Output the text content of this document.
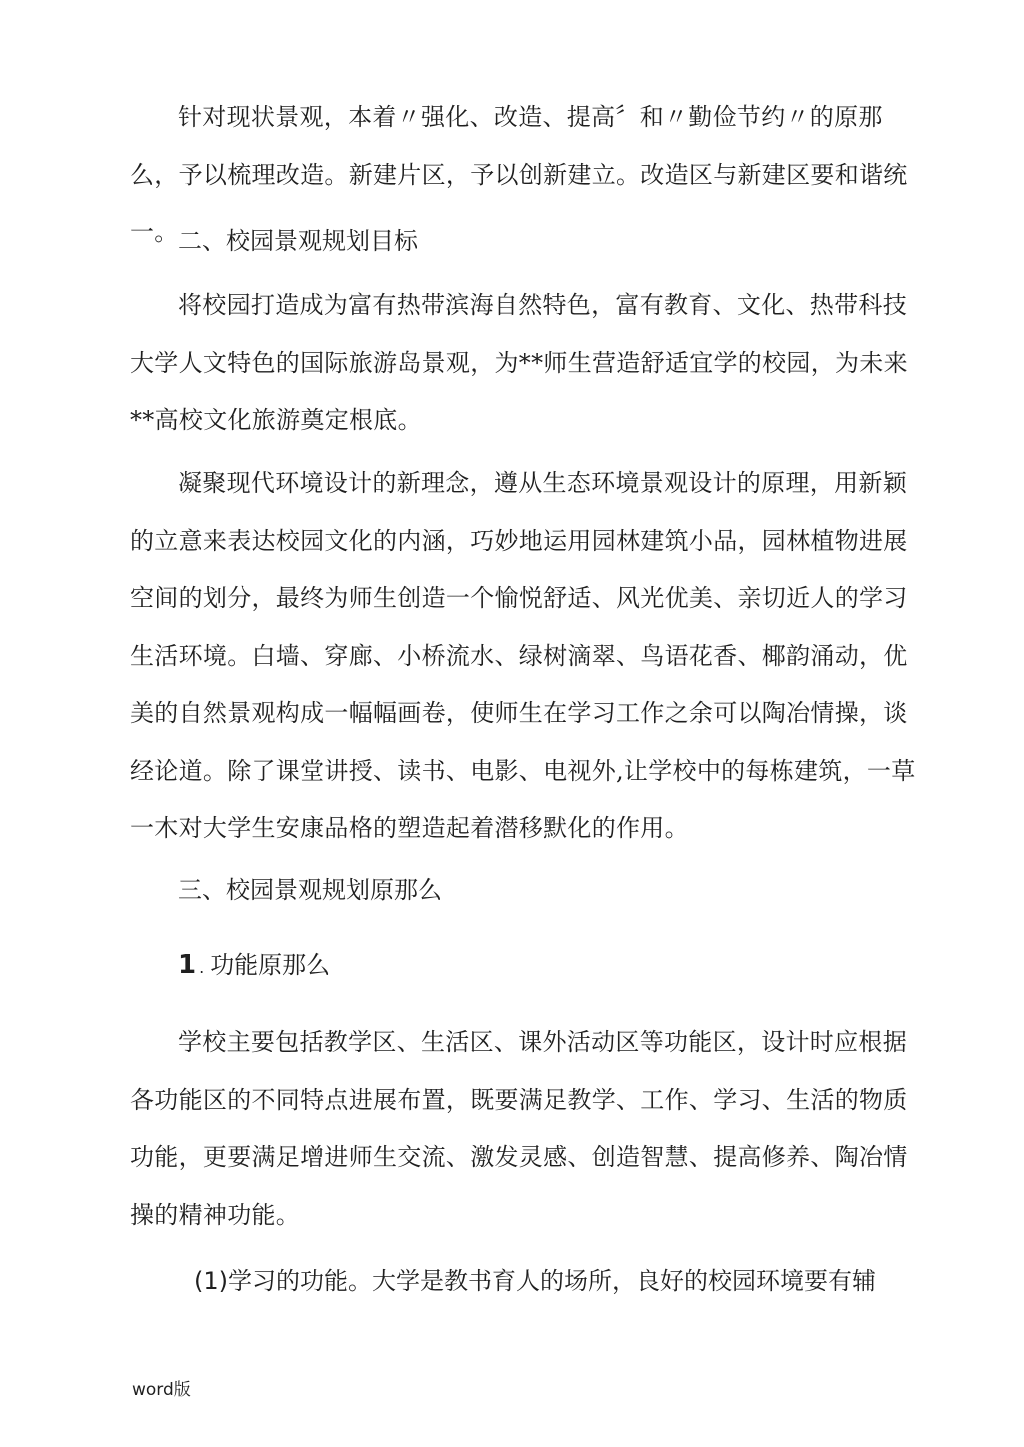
针对现状景观，本着〃强化、改造、提高〞和〃勤俭节约〃的原那么，予以梳理改造。新建片区，予以创新建立。改造区与新建区要和谐统一。 二、校园景观规划目标

将校园打造成为富有热带滨海自然特色，富有教育、文化、热带科技大学人文特色的国际旅游岛景观，为**师生营造舒适宜学的校园，为未来**高校文化旅游奠定根底。

凝聚现代环境设计的新理念，遵从生态环境景观设计的原理，用新颖的立意来表达校园文化的内涵，巧妙地运用园林建筑小品，园林植物进展空间的划分，最终为师生创造一个愉悦舒适、风光优美、亲切近人的学习生活环境。白墙、穿廊、小桥流水、绿树滴翠、鸟语花香、椰韵涌动，优美的自然景观构成一幅幅画卷，使师生在学习工作之余可以陶冶情操，谈经论道。除了课堂讲授、读书、电影、电视外,让学校中的每栋建筑，一草一木对大学生安康品格的塑造起着潜移默化的作用。

三、校园景观规划原那么

1 . 功能原那么

学校主要包括教学区、生活区、课外活动区等功能区，设计时应根据各功能区的不同特点进展布置，既要满足教学、工作、学习、生活的物质功能，更要满足增进师生交流、激发灵感、创造智慧、提高修养、陶冶情操的精神功能。

(1)学习的功能。大学是教书育人的场所，良好的校园环境要有辅

word版
